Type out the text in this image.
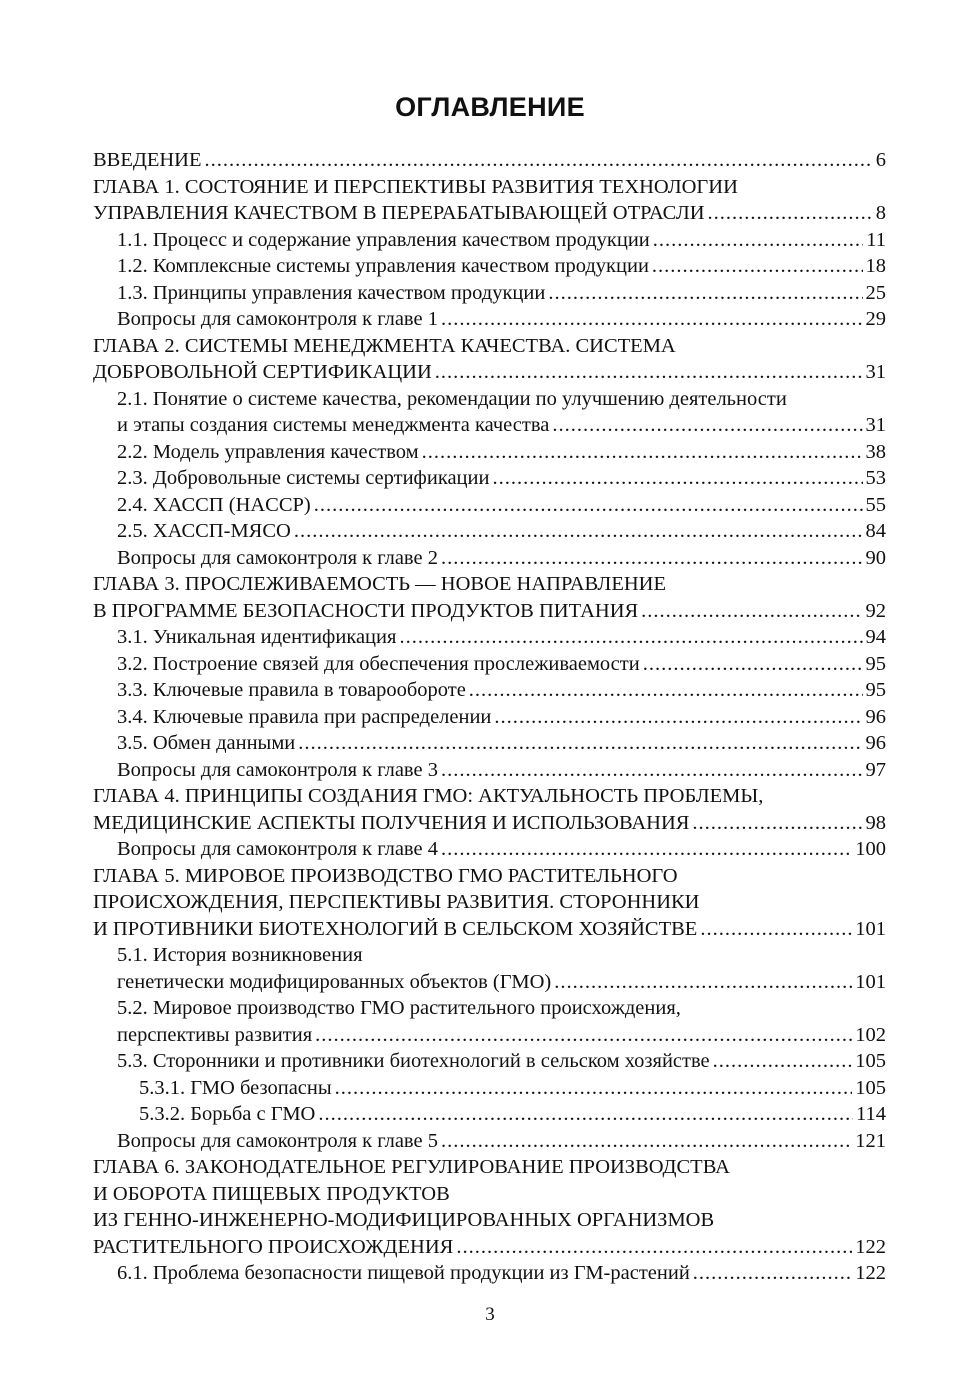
ОГЛАВЛЕНИЕ
ВВЕДЕНИЕ .....	6
ГЛАВА 1. СОСТОЯНИЕ И ПЕРСПЕКТИВЫ РАЗВИТИЯ ТЕХНОЛОГИИ
УПРАВЛЕНИЯ КАЧЕСТВОМ В ПЕРЕРАБАТЫВАЮЩЕЙ ОТРАСЛИ .....	8
1.1. Процесс и содержание управления качеством продукции .....	11
1.2. Комплексные системы управления качеством продукции .....	18
1.3. Принципы управления качеством продукции .....	25
Вопросы для самоконтроля к главе 1 .....	29
ГЛАВА 2. СИСТЕМЫ МЕНЕДЖМЕНТА КАЧЕСТВА. СИСТЕМА
ДОБРОВОЛЬНОЙ СЕРТИФИКАЦИИ .....	31
2.1. Понятие о системе качества, рекомендации по улучшению деятельности
и этапы создания системы менеджмента качества .....	31
2.2. Модель управления качеством .....	38
2.3. Добровольные системы сертификации .....	53
2.4. ХАССП (HACCP) .....	55
2.5. ХАССП-МЯСО .....	84
Вопросы для самоконтроля к главе 2 .....	90
ГЛАВА 3. ПРОСЛЕЖИВАЕМОСТЬ — НОВОЕ НАПРАВЛЕНИЕ
В ПРОГРАММЕ БЕЗОПАСНОСТИ ПРОДУКТОВ ПИТАНИЯ .....	92
3.1. Уникальная идентификация .....	94
3.2. Построение связей для обеспечения прослеживаемости .....	95
3.3. Ключевые правила в товарообороте .....	95
3.4. Ключевые правила при распределении .....	96
3.5. Обмен данными .....	96
Вопросы для самоконтроля к главе 3 .....	97
ГЛАВА 4. ПРИНЦИПЫ СОЗДАНИЯ ГМО: АКТУАЛЬНОСТЬ ПРОБЛЕМЫ,
МЕДИЦИНСКИЕ АСПЕКТЫ ПОЛУЧЕНИЯ И ИСПОЛЬЗОВАНИЯ .....	98
Вопросы для самоконтроля к главе 4 .....	100
ГЛАВА 5. МИРОВОЕ ПРОИЗВОДСТВО ГМО РАСТИТЕЛЬНОГО
ПРОИСХОЖДЕНИЯ, ПЕРСПЕКТИВЫ РАЗВИТИЯ. СТОРОННИКИ
И ПРОТИВНИКИ БИОТЕХНОЛОГИЙ В СЕЛЬСКОМ ХОЗЯЙСТВЕ .....	101
5.1. История возникновения
генетически модифицированных объектов (ГМО) .....	101
5.2. Мировое производство ГМО растительного происхождения,
перспективы развития .....	102
5.3. Сторонники и противники биотехнологий в сельском хозяйстве .....	105
5.3.1. ГМО безопасны .....	105
5.3.2. Борьба с ГМО .....	114
Вопросы для самоконтроля к главе 5 .....	121
ГЛАВА 6. ЗАКОНОДАТЕЛЬНОЕ РЕГУЛИРОВАНИЕ ПРОИЗВОДСТВА
И ОБОРОТА ПИЩЕВЫХ ПРОДУКТОВ
ИЗ ГЕННО-ИНЖЕНЕРНО-МОДИФИЦИРОВАННЫХ ОРГАНИЗМОВ
РАСТИТЕЛЬНОГО ПРОИСХОЖДЕНИЯ .....	122
6.1. Проблема безопасности пищевой продукции из ГМ-растений .....	122
3
